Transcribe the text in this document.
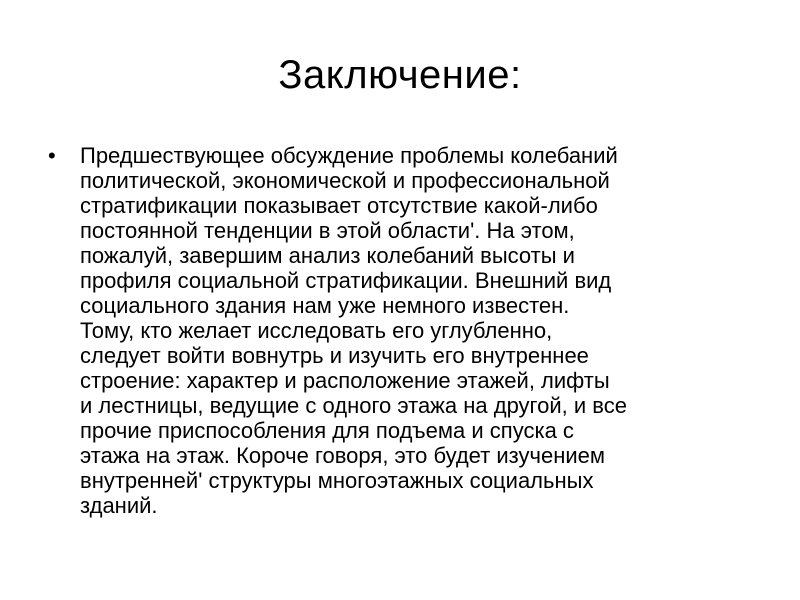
Заключение:
• Предшествующее обсуждение проблемы колебаний
политической, экономической и профессиональной
стратификации показывает отсутствие какой-либо
постоянной тенденции в этой области'. На этом,
пожалуй, завершим анализ колебаний высоты и
профиля социальной стратификации. Внешний вид
социального здания нам уже немного известен.
Тому, кто желает исследовать его углубленно,
следует войти вовнутрь и изучить его внутреннее
строение: характер и расположение этажей, лифты
и лестницы, ведущие с одного этажа на другой, и все
прочие приспособления для подъема и спуска с
этажа на этаж. Короче говоря, это будет изучением
внутренней' структуры многоэтажных социальных
зданий.
